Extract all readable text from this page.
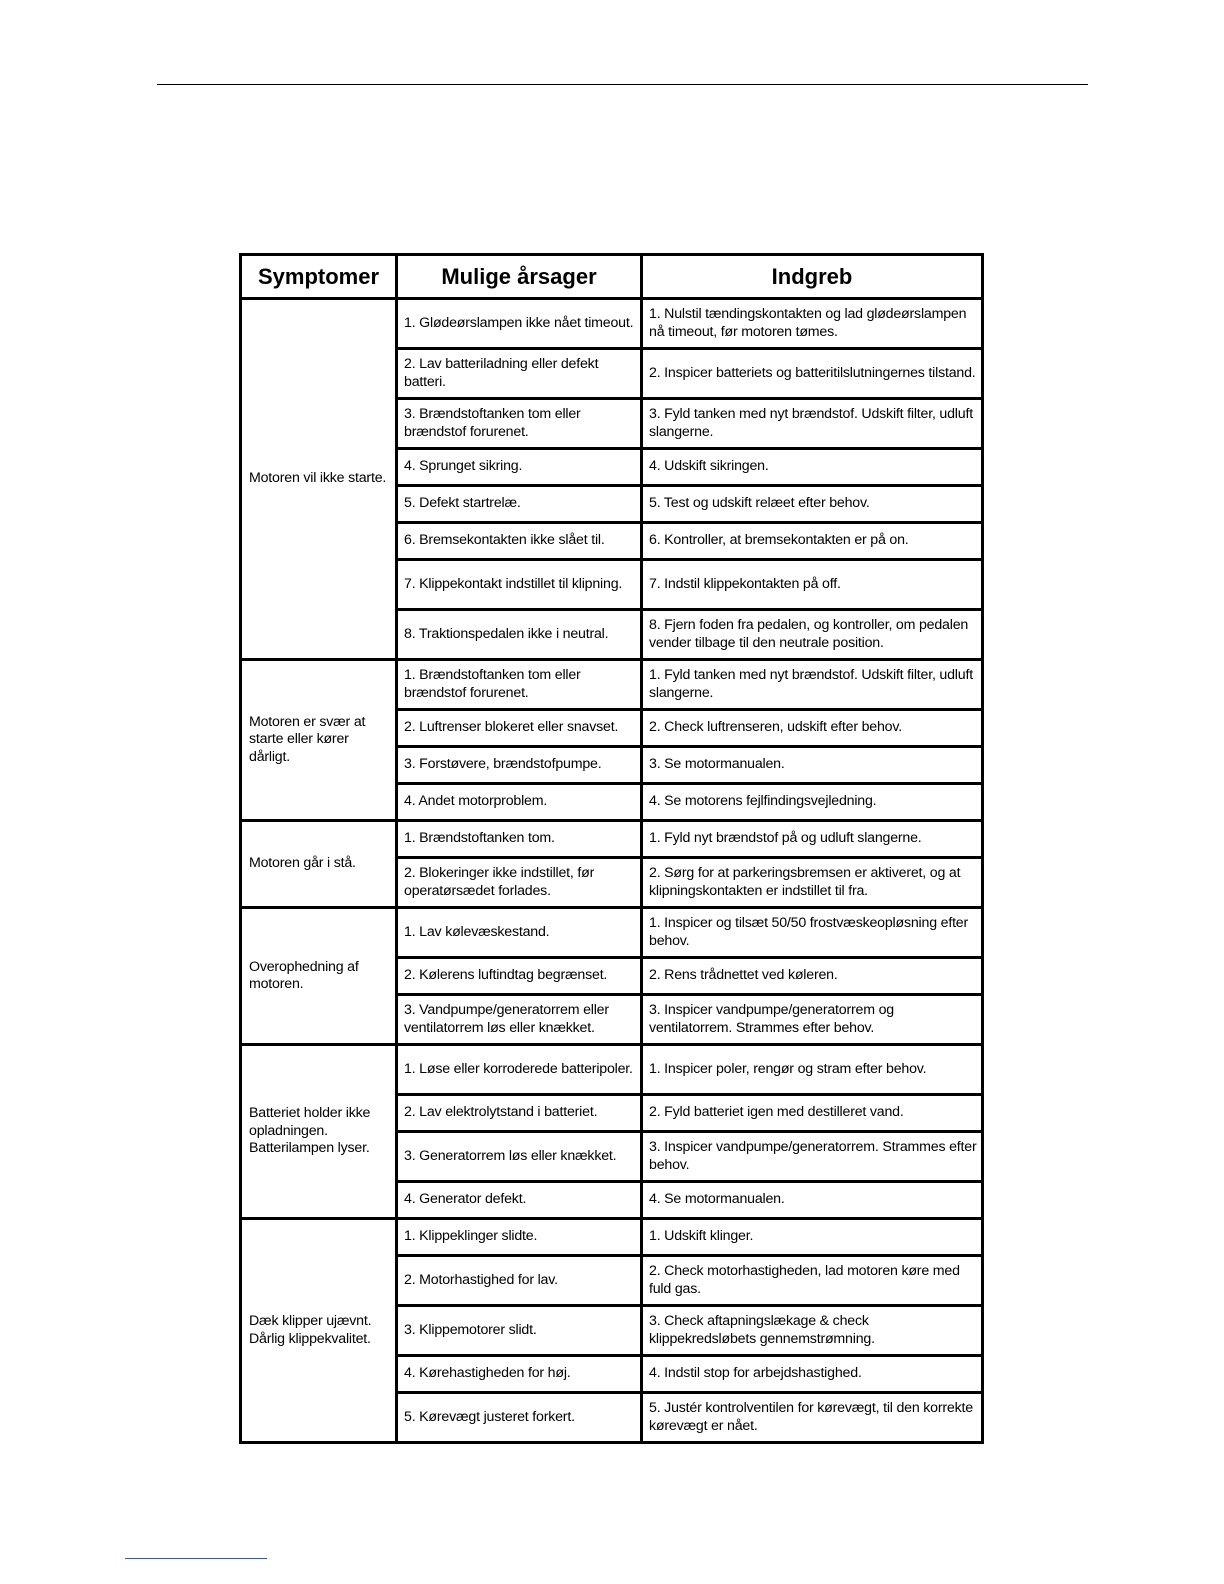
Symptomer	Mulige årsager	Indgreb
Motoren vil ikke starte.	1. Glødeørslampen ikke nået timeout.	1. Nulstil tændingskontakten og lad glødeørslampen nå timeout, før motoren tømes.
	2. Lav batteriladning eller defekt batteri.	2. Inspicer batteriets og batteritilslutningernes tilstand.
	3. Brændstoftanken tom eller brændstof forurenet.	3. Fyld tanken med nyt brændstof. Udskift filter, udluft slangerne.
	4. Sprunget sikring.	4. Udskift sikringen.
	5. Defekt startrelæ.	5. Test og udskift relæet efter behov.
	6. Bremsekontakten ikke slået til.	6. Kontroller, at bremsekontakten er på on.
	7. Klippekontakt indstillet til klipning.	7. Indstil klippekontakten på off.
	8. Traktionspedalen ikke i neutral.	8. Fjern foden fra pedalen, og kontroller, om pedalen vender tilbage til den neutrale position.
Motoren er svær at starte eller kører dårligt.	1. Brændstoftanken tom eller brændstof forurenet.	1. Fyld tanken med nyt brændstof. Udskift filter, udluft slangerne.
	2. Luftrenser blokeret eller snavset.	2. Check luftrenseren, udskift efter behov.
	3. Forstøvere, brændstofpumpe.	3. Se motormanualen.
	4. Andet motorproblem.	4. Se motorens fejlfindingsvejledning.
Motoren går i stå.	1. Brændstoftanken tom.	1. Fyld nyt brændstof på og udluft slangerne.
	2. Blokeringer ikke indstillet, før operatørsædet forlades.	2. Sørg for at parkeringsbremsen er aktiveret, og at klipningskontakten er indstillet til fra.
Overophedning af motoren.	1. Lav kølevæskestand.	1. Inspicer og tilsæt 50/50 frostvæskeopløsning efter behov.
	2. Kølerens luftindtag begrænset.	2. Rens trådnettet ved køleren.
	3. Vandpumpe/generatorrem eller ventilatorrem løs eller knækket.	3. Inspicer vandpumpe/generatorrem og ventilatorrem. Strammes efter behov.
Batteriet holder ikke opladningen. Batterilampen lyser.	1. Løse eller korroderede batteripoler.	1. Inspicer poler, rengør og stram efter behov.
	2. Lav elektrolytstand i batteriet.	2. Fyld batteriet igen med destilleret vand.
	3. Generatorrem løs eller knækket.	3. Inspicer vandpumpe/generatorrem. Strammes efter behov.
	4. Generator defekt.	4. Se motormanualen.
Dæk klipper ujævnt. Dårlig klippekvalitet.	1. Klippeklinger slidte.	1. Udskift klinger.
	2. Motorhastighed for lav.	2. Check motorhastigheden, lad motoren køre med fuld gas.
	3. Klippemotorer slidt.	3. Check aftapningslækage & check klippekredsløbets gennemstrømning.
	4. Kørehastigheden for høj.	4. Indstil stop for arbejdshastighed.
	5. Kørevægt justeret forkert.	5. Justér kontrolventilen for kørevægt, til den korrekte kørevægt er nået.
